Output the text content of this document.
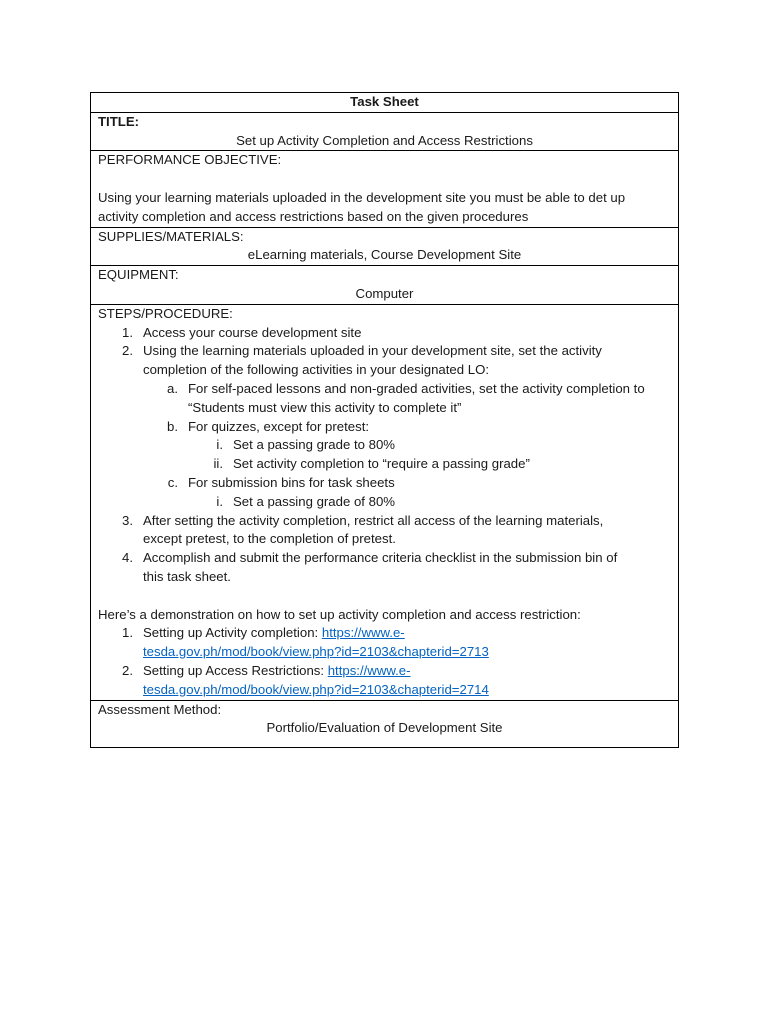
Task Sheet
TITLE:
Set up Activity Completion and Access Restrictions
PERFORMANCE OBJECTIVE:
Using your learning materials uploaded in the development site you must be able to det up
activity completion and access restrictions based on the given procedures
SUPPLIES/MATERIALS:
eLearning materials, Course Development Site
EQUIPMENT:
Computer
STEPS/PROCEDURE:
1. Access your course development site
2. Using the learning materials uploaded in your development site, set the activity
completion of the following activities in your designated LO:
a. For self-paced lessons and non-graded activities, set the activity completion to
“Students must view this activity to complete it”
b. For quizzes, except for pretest:
i. Set a passing grade to 80%
ii. Set activity completion to “require a passing grade”
c. For submission bins for task sheets
i. Set a passing grade of 80%
3. After setting the activity completion, restrict all access of the learning materials,
except pretest, to the completion of pretest.
4. Accomplish and submit the performance criteria checklist in the submission bin of
this task sheet.
Here’s a demonstration on how to set up activity completion and access restriction:
1. Setting up Activity completion: https://www.e-
tesda.gov.ph/mod/book/view.php?id=2103&chapterid=2713
2. Setting up Access Restrictions: https://www.e-
tesda.gov.ph/mod/book/view.php?id=2103&chapterid=2714
Assessment Method:
Portfolio/Evaluation of Development Site
